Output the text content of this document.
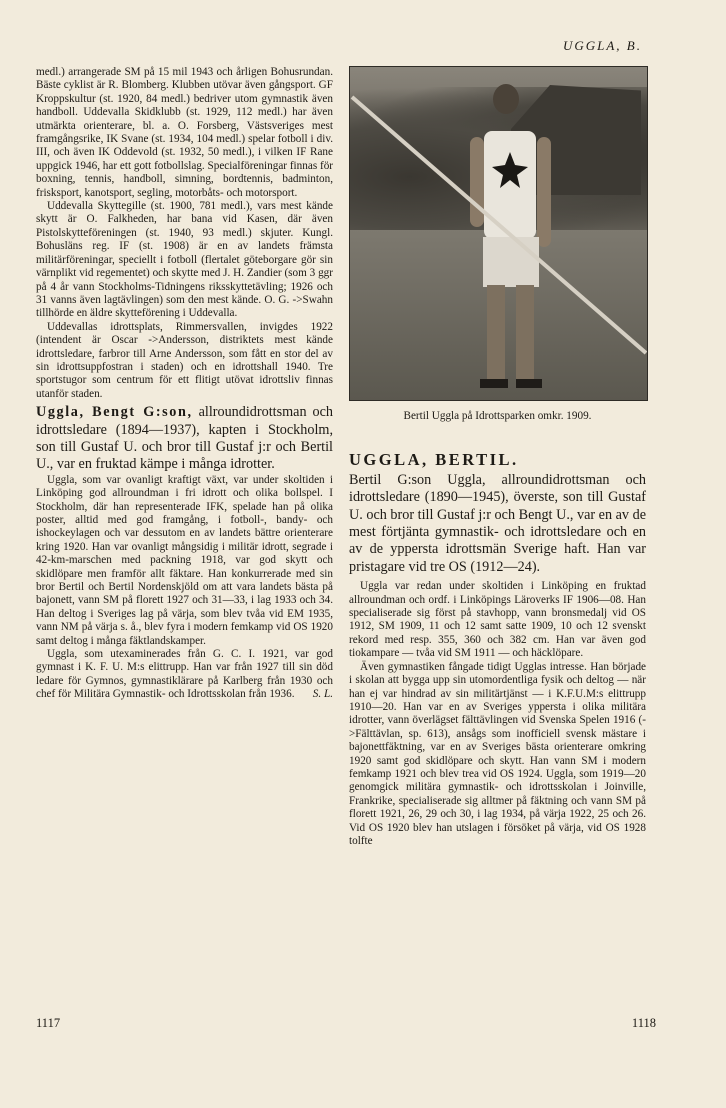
UGGLA, B.

medl.) arrangerade SM på 15 mil 1943 och årligen Bohusrundan. Bäste cyklist är R. Blomberg. Klubben utövar även gångsport. GF Kroppskultur (st. 1920, 84 medl.) bedriver utom gymnastik även handboll. Uddevalla Skidklubb (st. 1929, 112 medl.) har även utmärkta orienterare, bl. a. O. Forsberg, Västsveriges mest framgångsrike, IK Svane (st. 1934, 104 medl.) spelar fotboll i div. III, och även IK Oddevold (st. 1932, 50 medl.), i vilken IF Rane uppgick 1946, har ett gott fotbollslag. Specialföreningar finnas för boxning, tennis, handboll, simning, bordtennis, badminton, frisksport, kanotsport, segling, motorbåts- och motorsport.

Uddevalla Skyttegille (st. 1900, 781 medl.), vars mest kände skytt är O. Falkheden, har bana vid Kasen, där även Pistolskytteföreningen (st. 1940, 93 medl.) skjuter. Kungl. Bohusläns reg. IF (st. 1908) är en av landets främsta militärföreningar, speciellt i fotboll (flertalet göteborgare gör sin värnplikt vid regementet) och skytte med J. H. Zandier (som 3 ggr på 4 år vann Stockholms-Tidningens riksskyttetävling; 1926 och 31 vanns även lagtävlingen) som den mest kände. O. G. ->Swahn tillhörde en äldre skytteförening i Uddevalla.

Uddevallas idrottsplats, Rimmersvallen, invigdes 1922 (intendent är Oscar ->Andersson, distriktets mest kände idrottsledare, farbror till Arne Andersson, som fått en stor del av sin idrottsuppfostran i staden) och en idrottshall 1940. Tre sportstugor som centrum för ett flitigt utövat idrottsliv finnas utanför staden.

Uggla, Bengt G:son, allroundidrottsman och idrottsledare (1894—1937), kapten i Stockholm, son till Gustaf U. och bror till Gustaf j:r och Bertil U., var en fruktad kämpe i många idrotter.

Uggla, som var ovanligt kraftigt växt, var under skoltiden i Linköping god allroundman i fri idrott och olika bollspel. I Stockholm, där han representerade IFK, spelade han på olika poster, alltid med god framgång, i fotboll-, bandy- och ishockeylagen och var dessutom en av landets bättre orienterare kring 1920. Han var ovanligt mångsidig i militär idrott, segrade i 42-km-marschen med packning 1918, var god skytt och skidlöpare men framför allt fäktare. Han konkurrerade med sin bror Bertil och Bertil Nordenskjöld om att vara landets bästa på bajonett, vann SM på florett 1927 och 31—33, i lag 1933 och 34. Han deltog i Sveriges lag på värja, som blev tvåa vid EM 1935, vann NM på värja s. å., blev fyra i modern femkamp vid OS 1920 samt deltog i många fäktlandskamper.

Uggla, som utexaminerades från G. C. I. 1921, var god gymnast i K. F. U. M:s elittrupp. Han var från 1927 till sin död ledare för Gymnos, gymnastiklärare på Karlberg från 1930 och chef för Militära Gymnastik- och Idrottsskolan från 1936.	S. L.

Bertil Uggla på Idrottsparken omkr. 1909.
UGGLA, BERTIL.

Bertil G:son Uggla, allroundidrottsman och idrottsledare (1890—1945), överste, son till Gustaf U. och bror till Gustaf j:r och Bengt U., var en av de mest förtjänta gymnastik- och idrottsledare och en av de yppersta idrottsmän Sverige haft. Han var pristagare vid tre OS (1912—24).

Uggla var redan under skoltiden i Linköping en fruktad allroundman och ordf. i Linköpings Läroverks IF 1906—08. Han specialiserade sig först på stavhopp, vann bronsmedalj vid OS 1912, SM 1909, 11 och 12 samt satte 1909, 10 och 12 svenskt rekord med resp. 355, 360 och 382 cm. Han var även god tiokampare — tvåa vid SM 1911 — och häcklöpare.

Även gymnastiken fångade tidigt Ugglas intresse. Han började i skolan att bygga upp sin utomordentliga fysik och deltog — när han ej var hindrad av sin militärtjänst — i K.F.U.M:s elittrupp 1910—20. Han var en av Sveriges yppersta i olika militära idrotter, vann överlägset fälttävlingen vid Svenska Spelen 1916 (->Fälttävlan, sp. 613), ansågs som inofficiell svensk mästare i bajonettfäktning, var en av Sveriges bästa orienterare omkring 1920 samt god skidlöpare och skytt. Han vann SM i modern femkamp 1921 och blev trea vid OS 1924. Uggla, som 1919—20 genomgick militära gymnastik- och idrottsskolan i Joinville, Frankrike, specialiserade sig alltmer på fäktning och vann SM på florett 1921, 26, 29 och 30, i lag 1934, på värja 1922, 25 och 26. Vid OS 1920 blev han utslagen i försöket på värja, vid OS 1928 tolfte

1117	1118
